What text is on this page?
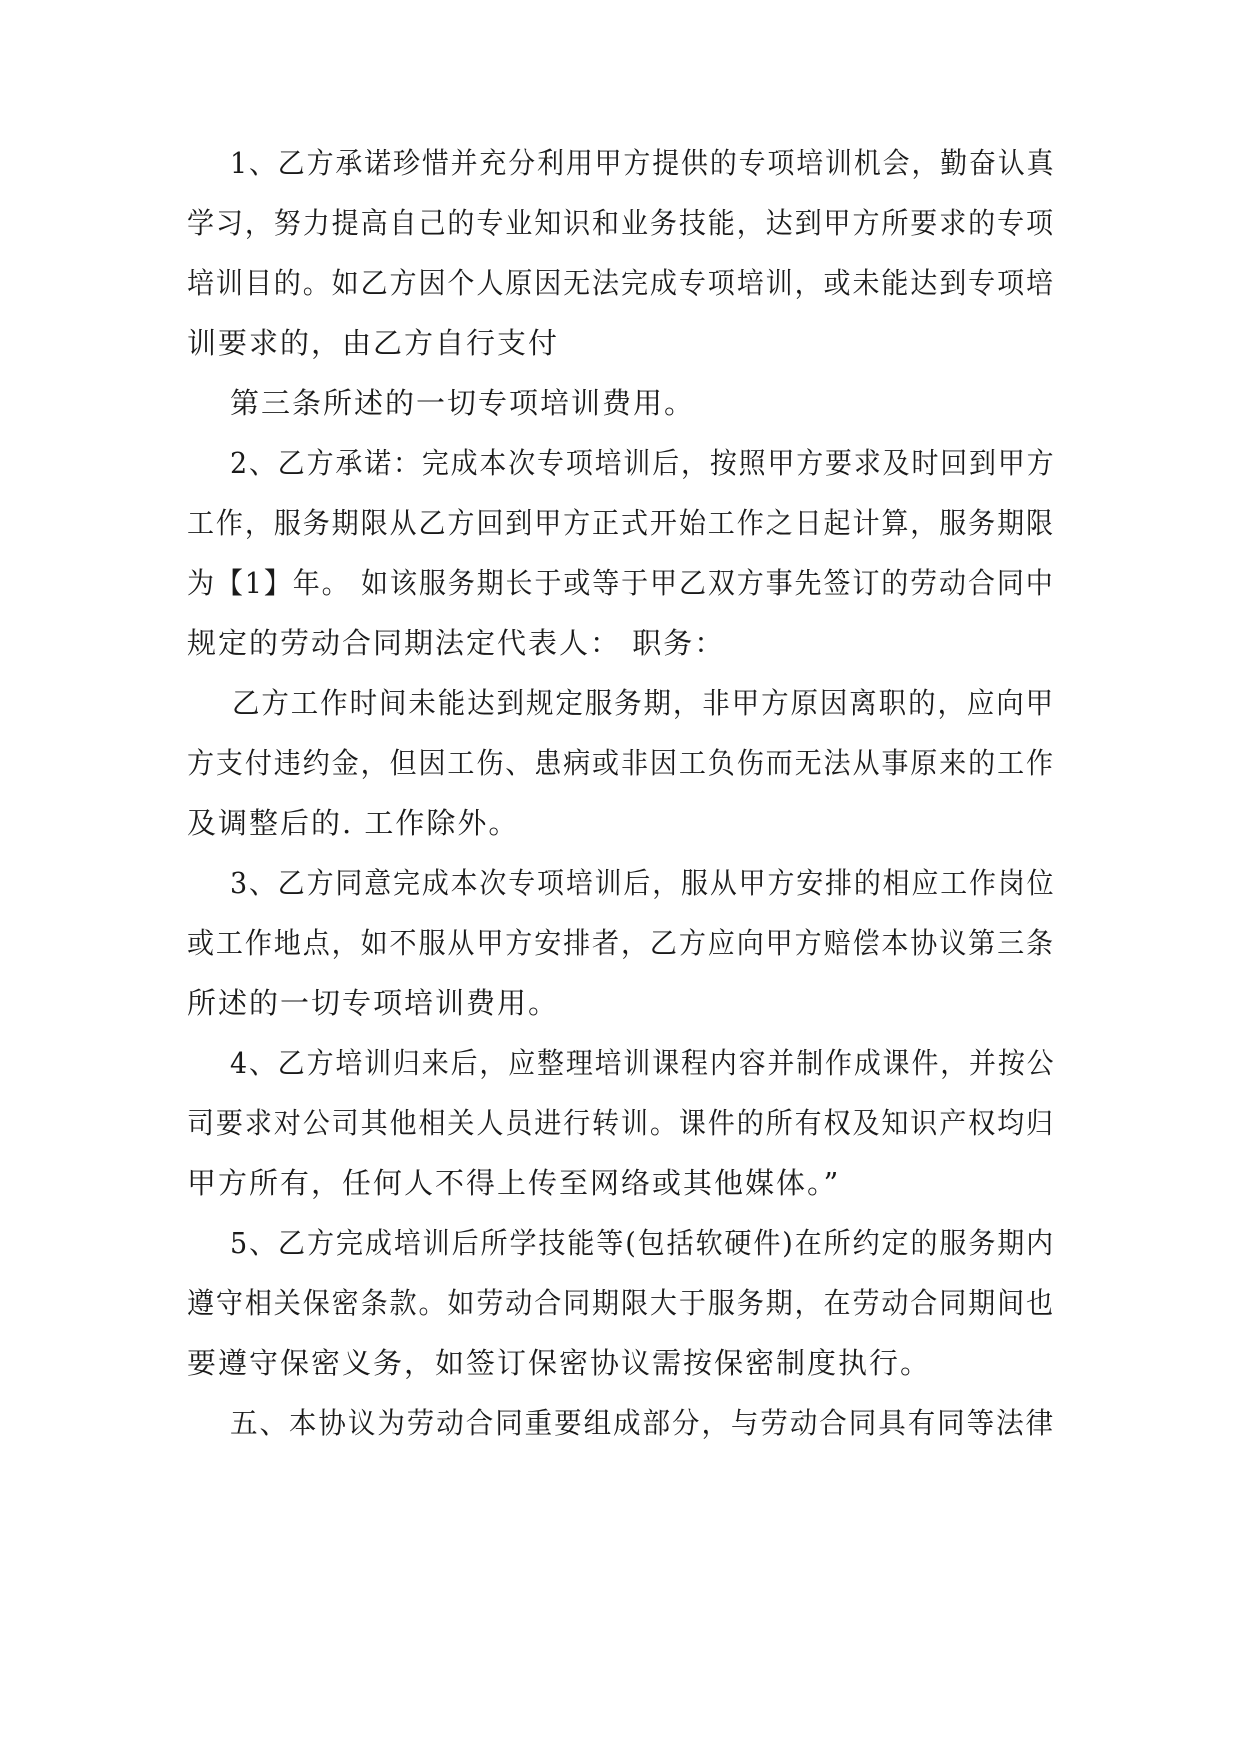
1、乙方承诺珍惜并充分利用甲方提供的专项培训机会，勤奋认真
学习，努力提高自己的专业知识和业务技能，达到甲方所要求的专项
培训目的。如乙方因个人原因无法完成专项培训，或未能达到专项培
训要求的，由乙方自行支付
第三条所述的一切专项培训费用。
2、乙方承诺：完成本次专项培训后，按照甲方要求及时回到甲方
工作，服务期限从乙方回到甲方正式开始工作之日起计算，服务期限
为【1】年。 如该服务期长于或等于甲乙双方事先签订的劳动合同中
规定的劳动合同期法定代表人： 职务：
乙方工作时间未能达到规定服务期，非甲方原因离职的，应向甲
方支付违约金，但因工伤、患病或非因工负伤而无法从事原来的工作
及调整后的. 工作除外。
3、乙方同意完成本次专项培训后，服从甲方安排的相应工作岗位
或工作地点，如不服从甲方安排者，乙方应向甲方赔偿本协议第三条
所述的一切专项培训费用。
4、乙方培训归来后，应整理培训课程内容并制作成课件，并按公
司要求对公司其他相关人员进行转训。课件的所有权及知识产权均归
甲方所有，任何人不得上传至网络或其他媒体。”
5、乙方完成培训后所学技能等(包括软硬件)在所约定的服务期内
遵守相关保密条款。如劳动合同期限大于服务期，在劳动合同期间也
要遵守保密义务，如签订保密协议需按保密制度执行。
五、本协议为劳动合同重要组成部分，与劳动合同具有同等法律
